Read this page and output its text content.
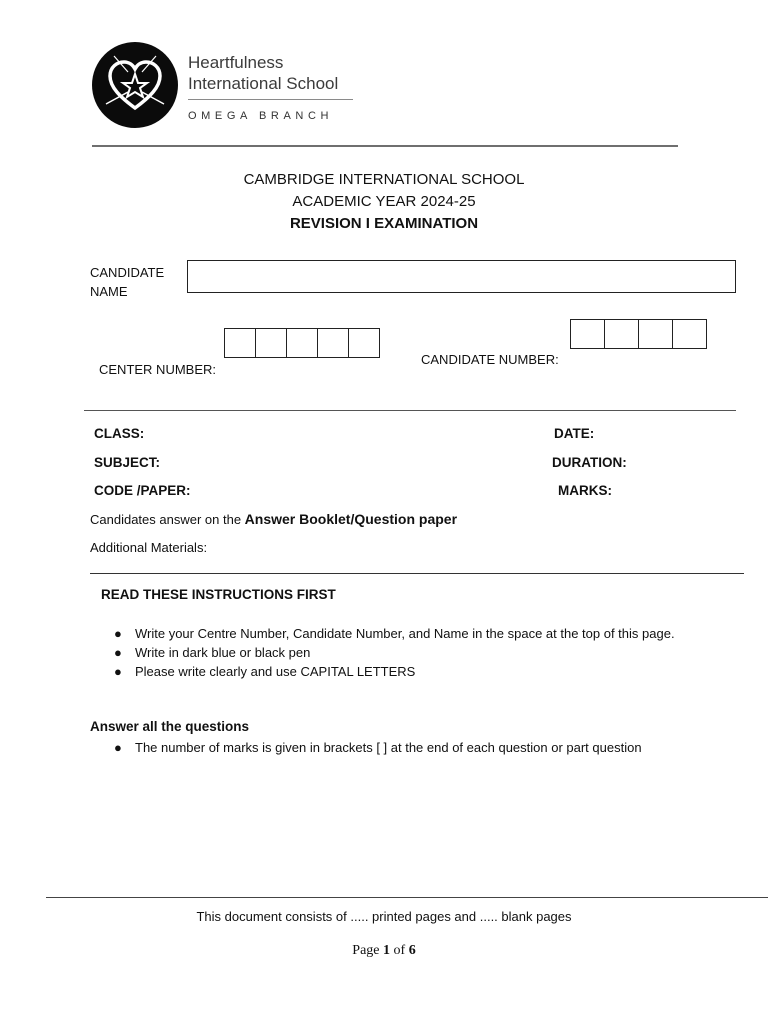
Heartfulness
International School
OMEGA BRANCH
CAMBRIDGE INTERNATIONAL SCHOOL
ACADEMIC YEAR 2024-25
REVISION I EXAMINATION
CANDIDATE
NAME
CENTER NUMBER:
CANDIDATE NUMBER:
CLASS:
SUBJECT:
CODE /PAPER:
DATE:
DURATION:
MARKS:
Candidates answer on the Answer Booklet/Question paper
Additional Materials:
READ THESE INSTRUCTIONS FIRST
● Write your Centre Number, Candidate Number, and Name in the space at the top of this page.
● Write in dark blue or black pen
● Please write clearly and use CAPITAL LETTERS
Answer all the questions
● The number of marks is given in brackets [ ] at the end of each question or part question
This document consists of ..... printed pages and ..... blank pages
Page 1 of 6
